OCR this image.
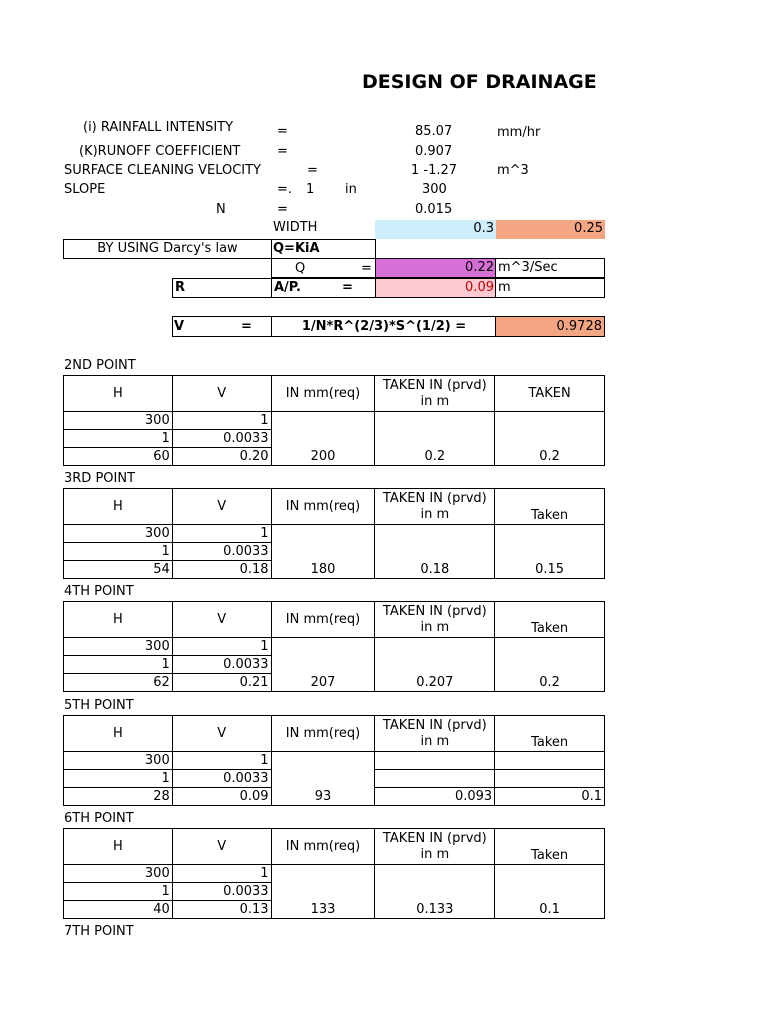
DESIGN OF DRAINAGE
(i) RAINFALL INTENSITY	=	85.07	mm/hr
(K)RUNOFF COEFFICIENT	=	0.907
SURFACE CLEANING VELOCITY	=	1 -1.27	m^3
SLOPE	=. 1 in	300
N	=	0.015
WIDTH	0.3	0.25
BY USING Darcy's law	Q=KiA
Q	=	0.22 m^3/Sec
R	A/P.	=	0.09 m
V	=	1/N*R^(2/3)*S^(1/2) =	0.9728
2ND POINT
H	V	IN mm(req)	TAKEN IN (prvd) in m	TAKEN
300	1			
1	0.0033			
60	0.20	200	0.2	0.2
3RD POINT
H	V	IN mm(req)	TAKEN IN (prvd) in m	Taken
300	1			
1	0.0033			
54	0.18	180	0.18	0.15
4TH POINT
H	V	IN mm(req)	TAKEN IN (prvd) in m	Taken
300	1			
1	0.0033			
62	0.21	207	0.207	0.2
5TH POINT
H	V	IN mm(req)	TAKEN IN (prvd) in m	Taken
300	1			
1	0.0033			
28	0.09	93	0.093	0.1
6TH POINT
H	V	IN mm(req)	TAKEN IN (prvd) in m	Taken
300	1			
1	0.0033			
40	0.13	133	0.133	0.1
7TH POINT
